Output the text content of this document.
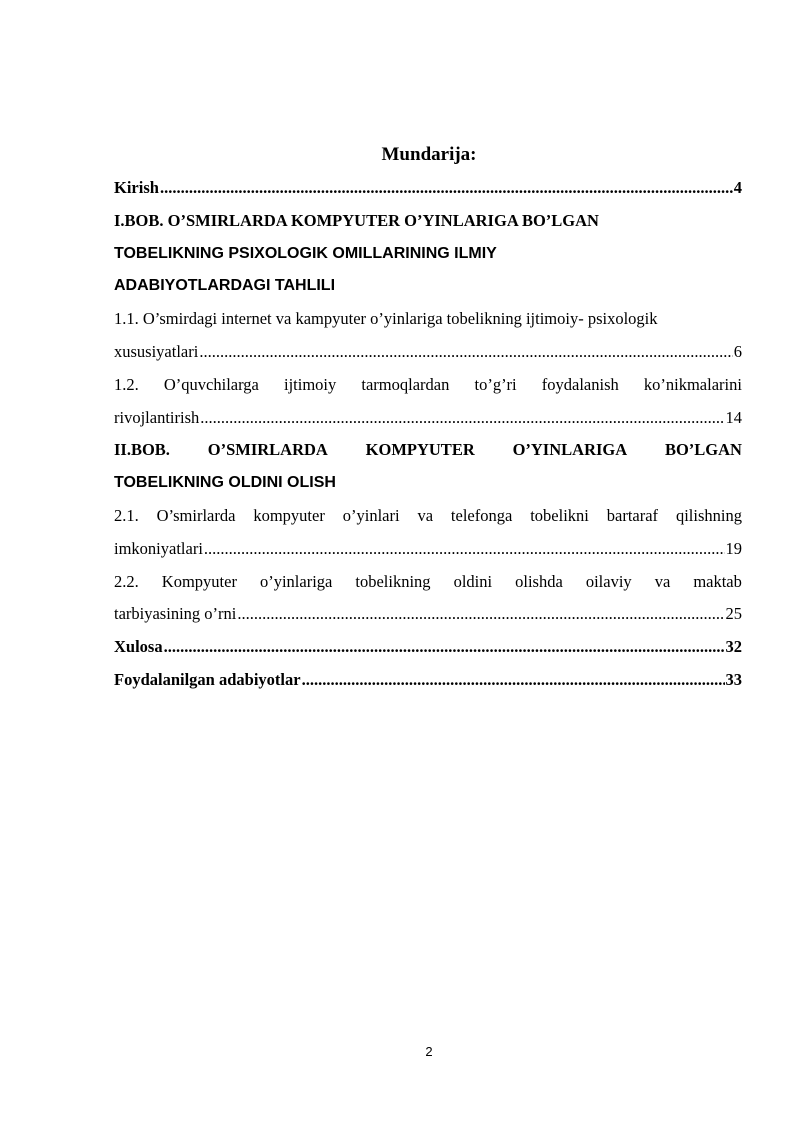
Mundarija:
Kirish .....	4
I.BOB. O’SMIRLARDA KOMPYUTER O’YINLARIGA BO’LGAN
TOBELIKNING PSIXOLOGIK OMILLARINING ILMIY
ADABIYOTLARDAGI TAHLILI
1.1. O’smirdagi internet va kampyuter o’yinlariga tobelikning ijtimoiy- psixologik
xususiyatlari .....	6
1.2. O’quvchilarga ijtimoiy tarmoqlardan to’g’ri foydalanish ko’nikmalarini
rivojlantirish .....	14
II.BOB. O’SMIRLARDA KOMPYUTER O’YINLARIGA BO’LGAN
TOBELIKNING OLDINI OLISH
2.1. O’smirlarda kompyuter o’yinlari va telefonga tobelikni bartaraf qilishning
imkoniyatlari .....	19
2.2. Kompyuter o’yinlariga tobelikning oldini olishda oilaviy va maktab
tarbiyasining o’rni .....	25
Xulosa .....	32
Foydalanilgan adabiyotlar .....	33
2
